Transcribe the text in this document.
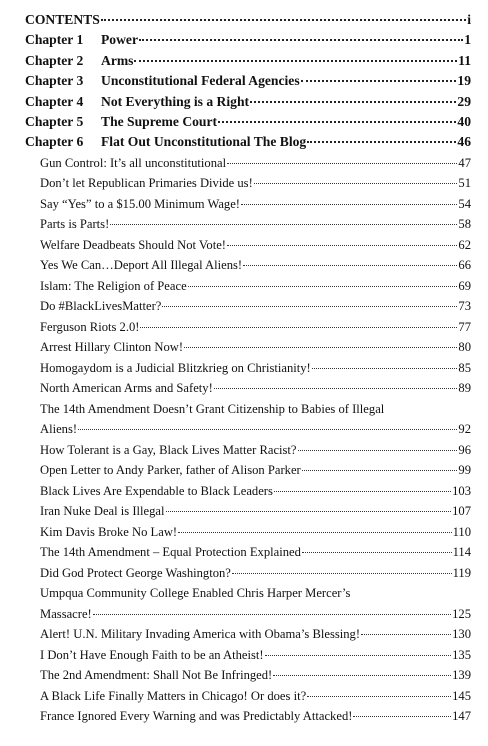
CONTENTS	i
Chapter 1 Power	1
Chapter 2 Arms	11
Chapter 3 Unconstitutional Federal Agencies	19
Chapter 4 Not Everything is a Right	29
Chapter 5 The Supreme Court	40
Chapter 6 Flat Out Unconstitutional The Blog	46
Gun Control: It’s all unconstitutional	47
Don’t let Republican Primaries Divide us!	51
Say “Yes” to a $15.00 Minimum Wage!	54
Parts is Parts!	58
Welfare Deadbeats Should Not Vote!	62
Yes We Can…Deport All Illegal Aliens!	66
Islam: The Religion of Peace	69
Do #BlackLivesMatter?	73
Ferguson Riots 2.0!	77
Arrest Hillary Clinton Now!	80
Homogaydom is a Judicial Blitzkrieg on Christianity!	85
North American Arms and Safety!	89
The 14th Amendment Doesn’t Grant Citizenship to Babies of Illegal
Aliens!	92
How Tolerant is a Gay, Black Lives Matter Racist?	96
Open Letter to Andy Parker, father of Alison Parker	99
Black Lives Are Expendable to Black Leaders	103
Iran Nuke Deal is Illegal	107
Kim Davis Broke No Law!	110
The 14th Amendment – Equal Protection Explained	114
Did God Protect George Washington?	119
Umpqua Community College Enabled Chris Harper Mercer’s
Massacre!	125
Alert! U.N. Military Invading America with Obama’s Blessing!	130
I Don’t Have Enough Faith to be an Atheist!	135
The 2nd Amendment: Shall Not Be Infringed!	139
A Black Life Finally Matters in Chicago! Or does it?	145
France Ignored Every Warning and was Predictably Attacked!	147
